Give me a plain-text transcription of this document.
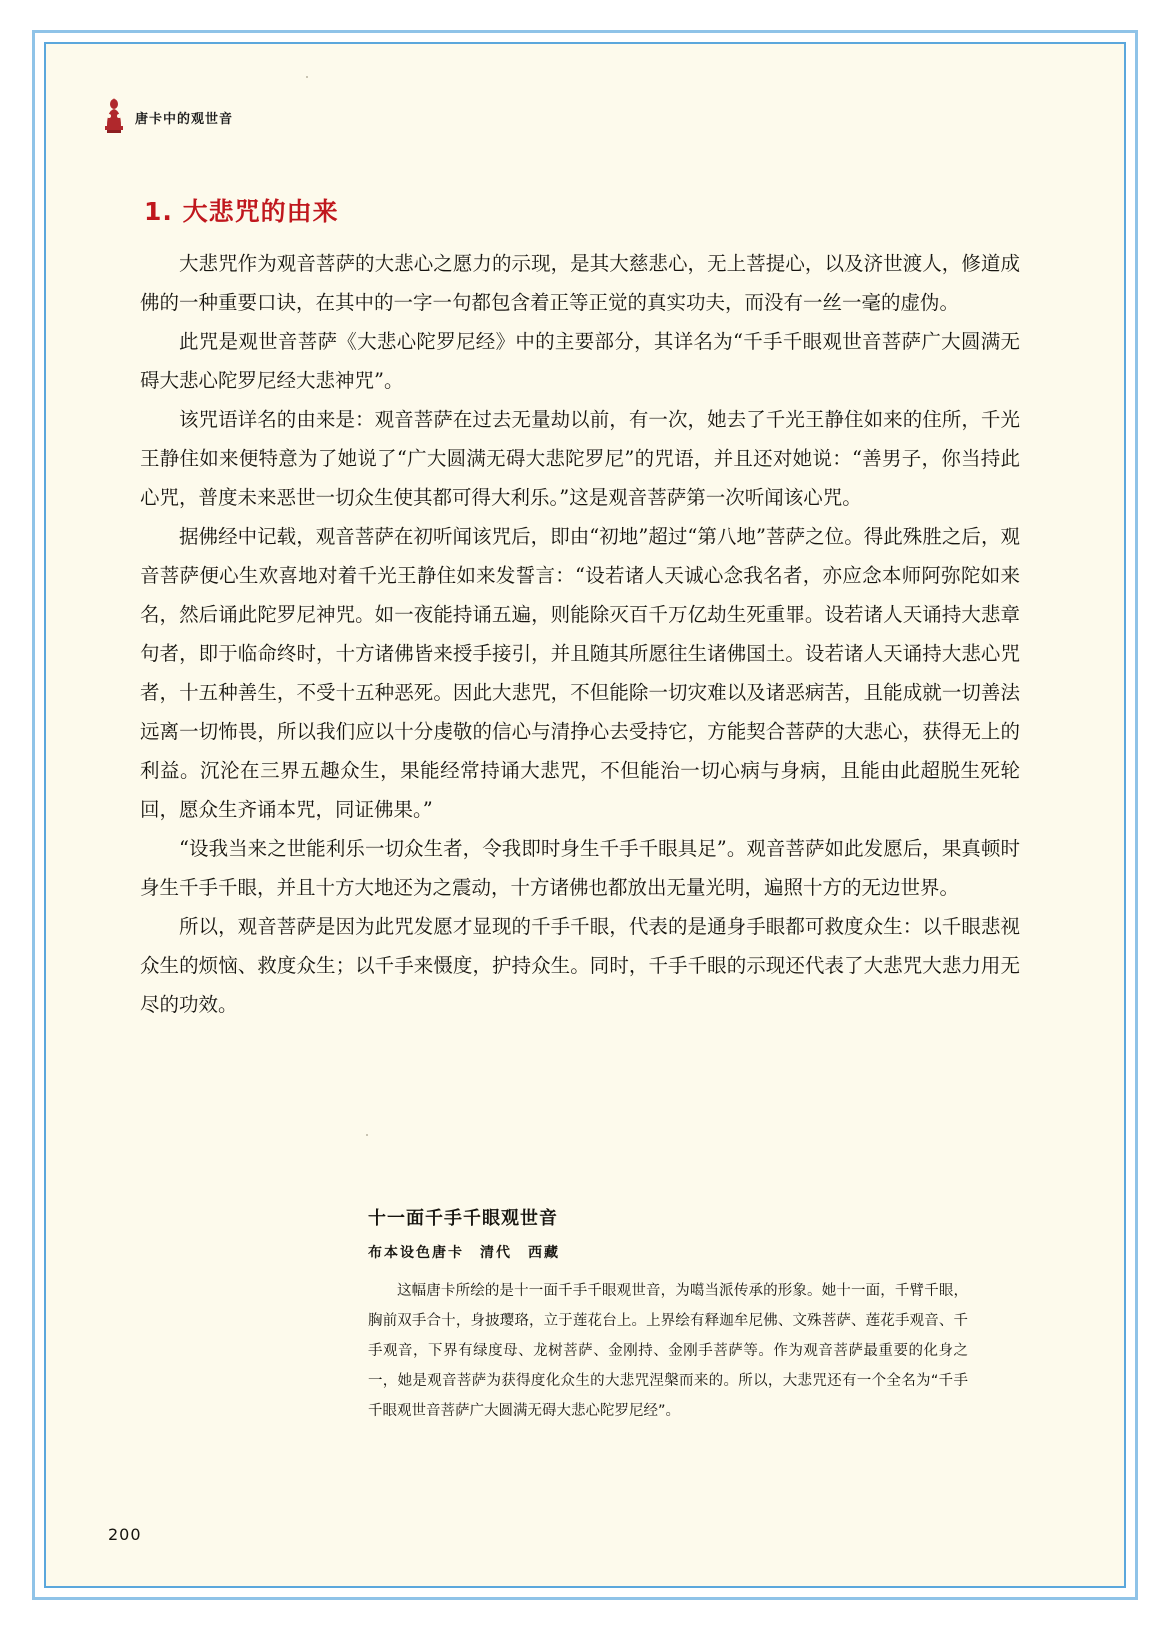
唐卡中的观世音
1. 大悲咒的由来

大悲咒作为观音菩萨的大悲心之愿力的示现，是其大慈悲心，无上菩提心，以及济世渡人，修道成佛的一种重要口诀，在其中的一字一句都包含着正等正觉的真实功夫，而没有一丝一毫的虚伪。

此咒是观世音菩萨《大悲心陀罗尼经》中的主要部分，其详名为“千手千眼观世音菩萨广大圆满无碍大悲心陀罗尼经大悲神咒”。

该咒语详名的由来是：观音菩萨在过去无量劫以前，有一次，她去了千光王静住如来的住所，千光王静住如来便特意为了她说了“广大圆满无碍大悲陀罗尼”的咒语，并且还对她说：“善男子，你当持此心咒，普度未来恶世一切众生使其都可得大利乐。”这是观音菩萨第一次听闻该心咒。

据佛经中记载，观音菩萨在初听闻该咒后，即由“初地”超过“第八地”菩萨之位。得此殊胜之后，观音菩萨便心生欢喜地对着千光王静住如来发誓言：“设若诸人天诚心念我名者，亦应念本师阿弥陀如来名，然后诵此陀罗尼神咒。如一夜能持诵五遍，则能除灭百千万亿劫生死重罪。设若诸人天诵持大悲章句者，即于临命终时，十方诸佛皆来授手接引，并且随其所愿往生诸佛国土。设若诸人天诵持大悲心咒者，十五种善生，不受十五种恶死。因此大悲咒，不但能除一切灾难以及诸恶病苦，且能成就一切善法远离一切怖畏，所以我们应以十分虔敬的信心与清挣心去受持它，方能契合菩萨的大悲心，获得无上的利益。沉沦在三界五趣众生，果能经常持诵大悲咒，不但能治一切心病与身病，且能由此超脱生死轮回，愿众生齐诵本咒，同证佛果。”

“设我当来之世能利乐一切众生者，令我即时身生千手千眼具足”。观音菩萨如此发愿后，果真顿时身生千手千眼，并且十方大地还为之震动，十方诸佛也都放出无量光明，遍照十方的无边世界。

所以，观音菩萨是因为此咒发愿才显现的千手千眼，代表的是通身手眼都可救度众生：以千眼悲视众生的烦恼、救度众生；以千手来慑度，护持众生。同时，千手千眼的示现还代表了大悲咒大悲力用无尽的功效。

十一面千手千眼观世音
布本设色唐卡　清代　西藏
这幅唐卡所绘的是十一面千手千眼观世音，为噶当派传承的形象。她十一面，千臂千眼，胸前双手合十，身披璎珞，立于莲花台上。上界绘有释迦牟尼佛、文殊菩萨、莲花手观音、千手观音，下界有绿度母、龙树菩萨、金刚持、金刚手菩萨等。作为观音菩萨最重要的化身之一，她是观音菩萨为获得度化众生的大悲咒涅槃而来的。所以，大悲咒还有一个全名为“千手千眼观世音菩萨广大圆满无碍大悲心陀罗尼经”。
200
